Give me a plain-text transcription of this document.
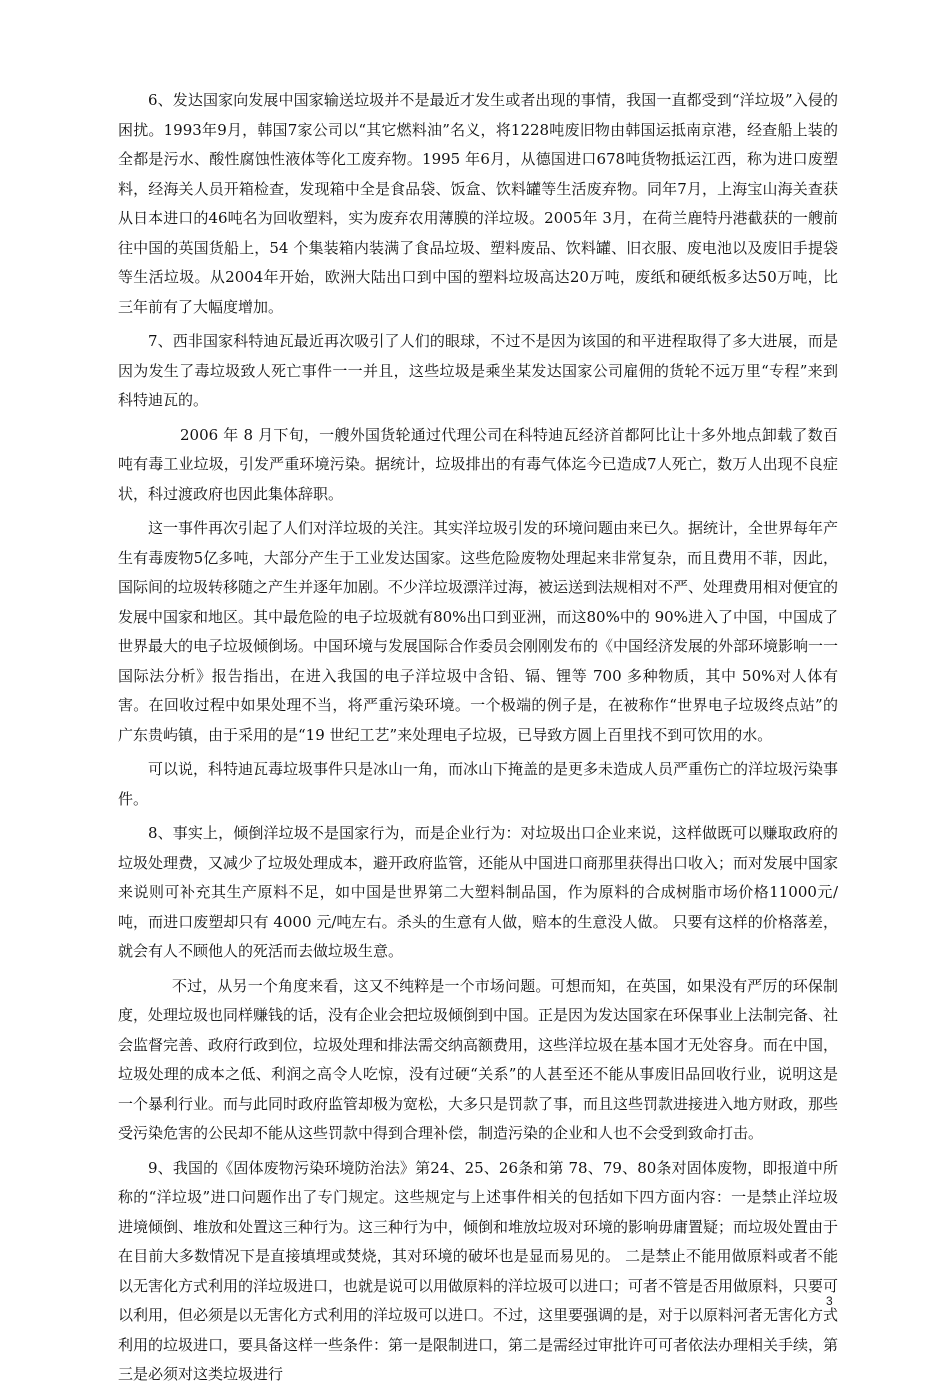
6、发达国家向发展中国家输送垃圾并不是最近才发生或者出现的事情，我国一直都受到“洋垃圾”入侵的困扰。1993年9月，韩国7家公司以“其它燃料油”名义，将1228吨废旧物由韩国运抵南京港，经查船上装的全都是污水、酸性腐蚀性液体等化工废弃物。1995 年6月，从德国进口678吨货物抵运江西，称为进口废塑料，经海关人员开箱检查，发现箱中全是食品袋、饭盒、饮料罐等生活废弃物。同年7月，上海宝山海关查获从日本进口的46吨名为回收塑料，实为废弃农用薄膜的洋垃圾。2005年 3月，在荷兰鹿特丹港截获的一艘前往中国的英国货船上，54 个集装箱内装满了食品垃圾、塑料废品、饮料罐、旧衣服、废电池以及废旧手提袋等生活垃圾。从2004年开始，欧洲大陆出口到中国的塑料垃圾高达20万吨，废纸和硬纸板多达50万吨，比三年前有了大幅度增加。

7、西非国家科特迪瓦最近再次吸引了人们的眼球，不过不是因为该国的和平进程取得了多大进展，而是因为发生了毒垃圾致人死亡事件一一并且，这些垃圾是乘坐某发达国家公司雇佣的货轮不远万里“专程”来到科特迪瓦的。

2006 年 8 月下旬，一艘外国货轮通过代理公司在科特迪瓦经济首都阿比让十多外地点卸载了数百吨有毒工业垃圾，引发严重环境污染。据统计，垃圾排出的有毒气体迄今已造成7人死亡，数万人出现不良症状，科过渡政府也因此集体辞职。

这一事件再次引起了人们对洋垃圾的关注。其实洋垃圾引发的环境问题由来已久。据统计，全世界每年产生有毒废物5亿多吨，大部分产生于工业发达国家。这些危险废物处理起来非常复杂，而且费用不菲，因此，国际间的垃圾转移随之产生并逐年加剧。不少洋垃圾漂洋过海，被运送到法规相对不严、处理费用相对便宜的发展中国家和地区。其中最危险的电子垃圾就有80%出口到亚洲，而这80%中的 90%进入了中国，中国成了世界最大的电子垃圾倾倒场。中国环境与发展国际合作委员会刚刚发布的《中国经济发展的外部环境影响一一国际法分析》报告指出，在进入我国的电子洋垃圾中含铅、镉、锂等 700 多种物质，其中 50%对人体有害。在回收过程中如果处理不当，将严重污染环境。一个极端的例子是，在被称作“世界电子垃圾终点站”的广东贵屿镇，由于采用的是“19 世纪工艺”来处理电子垃圾，已导致方圆上百里找不到可饮用的水。

可以说，科特迪瓦毒垃圾事件只是冰山一角，而冰山下掩盖的是更多未造成人员严重伤亡的洋垃圾污染事件。

8、事实上，倾倒洋垃圾不是国家行为，而是企业行为：对垃圾出口企业来说，这样做既可以赚取政府的垃圾处理费，又减少了垃圾处理成本，避开政府监管，还能从中国进口商那里获得出口收入；而对发展中国家来说则可补充其生产原料不足，如中国是世界第二大塑料制品国，作为原料的合成树脂市场价格11000元/吨，而进口废塑却只有 4000 元/吨左右。杀头的生意有人做，赔本的生意没人做。 只要有这样的价格落差，就会有人不顾他人的死活而去做垃圾生意。

不过，从另一个角度来看，这又不纯粹是一个市场问题。可想而知，在英国，如果没有严厉的环保制度，处理垃圾也同样赚钱的话，没有企业会把垃圾倾倒到中国。正是因为发达国家在环保事业上法制完备、社会监督完善、政府行政到位，垃圾处理和排法需交纳高额费用，这些洋垃圾在基本国才无处容身。而在中国，垃圾处理的成本之低、利润之高令人吃惊，没有过硬“关系”的人甚至还不能从事废旧品回收行业，说明这是一个暴利行业。而与此同时政府监管却极为宽松，大多只是罚款了事，而且这些罚款进接进入地方财政，那些受污染危害的公民却不能从这些罚款中得到合理补偿，制造污染的企业和人也不会受到致命打击。

9、我国的《固体废物污染环境防治法》第24、25、26条和第 78、79、80条对固体废物，即报道中所称的“洋垃圾”进口问题作出了专门规定。这些规定与上述事件相关的包括如下四方面内容：一是禁止洋垃圾进境倾倒、堆放和处置这三种行为。这三种行为中，倾倒和堆放垃圾对环境的影响毋庸置疑；而垃圾处置由于在目前大多数情况下是直接填埋或焚烧，其对环境的破坏也是显而易见的。 二是禁止不能用做原料或者不能以无害化方式利用的洋垃圾进口，也就是说可以用做原料的洋垃圾可以进口；可者不管是否用做原料，只要可以利用，但必须是以无害化方式利用的洋垃圾可以进口。不过，这里要强调的是，对于以原料河者无害化方式利用的垃圾进口，要具备这样一些条件：第一是限制进口，第二是需经过审批许可可者依法办理相关手续，第三是必须对这类垃圾进行

3
